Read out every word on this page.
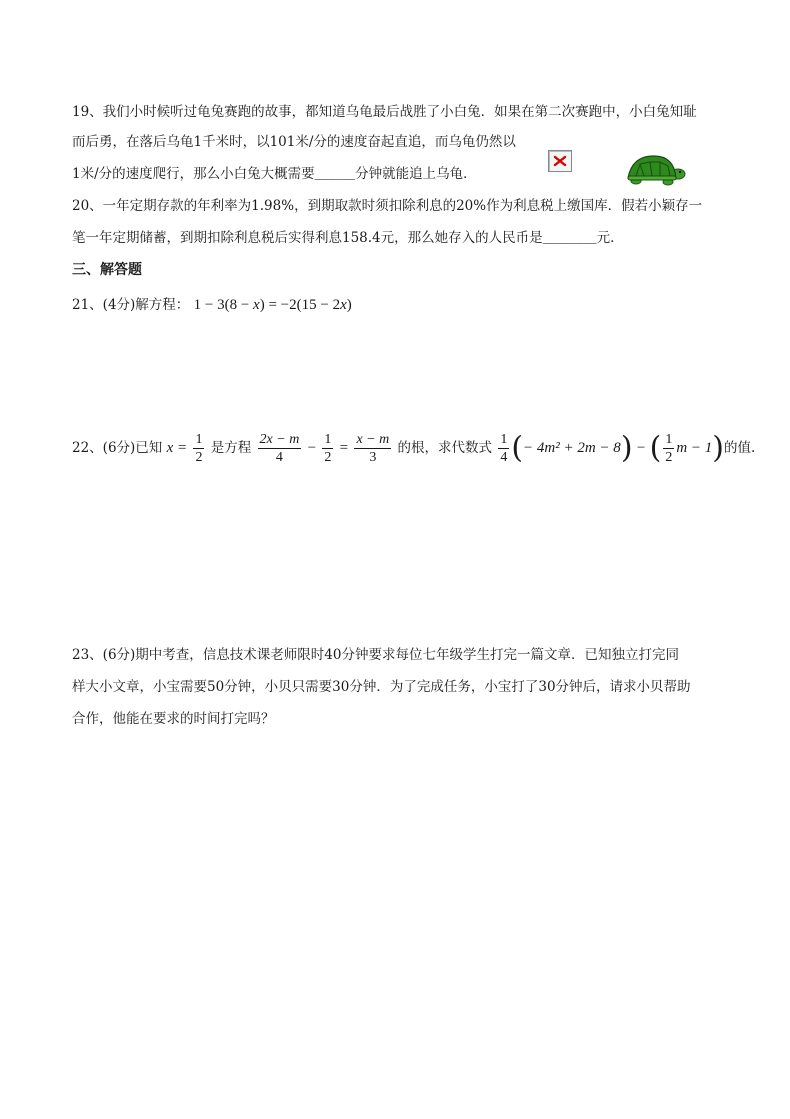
19、我们小时候听过龟兔赛跑的故事，都知道乌龟最后战胜了小白兔．如果在第二次赛跑中，小白兔知耻
而后勇，在落后乌龟1千米时，以101米/分的速度奋起直追，而乌龟仍然以
1米/分的速度爬行，那么小白兔大概需要＿＿＿分钟就能追上乌龟．
20、一年定期存款的年利率为1.98%，到期取款时须扣除利息的20%作为利息税上缴国库．假若小颖存一
笔一年定期储蓄，到期扣除利息税后实得利息158.4元，那么她存入的人民币是＿＿＿＿元．
三、解答题
21、(4分)解方程： 1 − 3(8 − x) = −2(15 − 2x)
22、(6分)已知 $x = \frac{1}{2}$ 是方程 $\frac{2x - m}{4} - \frac{1}{2} = \frac{x - m}{3}$ 的根，求代数式 $\frac{1}{4}$ (− 4m² + 2m − 8) − ( $\frac{1}{2}$ m − 1)的值.
23、(6分)期中考查，信息技术课老师限时40分钟要求每位七年级学生打完一篇文章．已知独立打完同
样大小文章，小宝需要50分钟，小贝只需要30分钟．为了完成任务，小宝打了30分钟后，请求小贝帮助
合作，他能在要求的时间打完吗？
